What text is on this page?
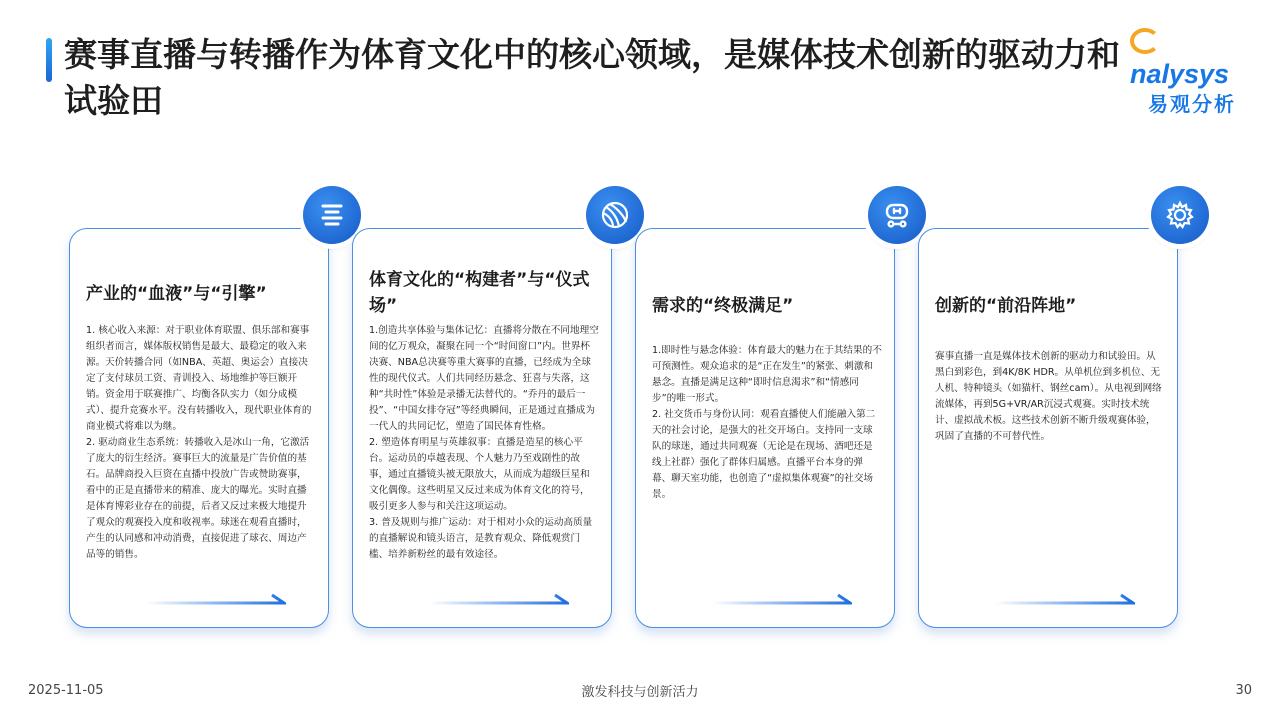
赛事直播与转播作为体育文化中的核心领域，是媒体技术创新的驱动力和试验田
nalysys
易观分析
产业的“血液”与“引擎”

1. 核心收入来源：对于职业体育联盟、俱乐部和赛事组织者而言，媒体版权销售是最大、最稳定的收入来源。天价转播合同（如NBA、英超、奥运会）直接决定了支付球员工资、青训投入、场地维护等巨额开销。资金用于联赛推广、均衡各队实力（如分成模式）、提升竞赛水平。没有转播收入，现代职业体育的商业模式将难以为继。

2. 驱动商业生态系统：转播收入是冰山一角，它激活了庞大的衍生经济。赛事巨大的流量是广告价值的基石。品牌商投入巨资在直播中投放广告或赞助赛事，看中的正是直播带来的精准、庞大的曝光。实时直播是体育博彩业存在的前提，后者又反过来极大地提升了观众的观赛投入度和收视率。球迷在观看直播时，产生的认同感和冲动消费，直接促进了球衣、周边产品等的销售。

体育文化的“构建者”与“仪式场”

1.创造共享体验与集体记忆：直播将分散在不同地理空间的亿万观众，凝聚在同一个“时间窗口”内。世界杯决赛、NBA总决赛等重大赛事的直播，已经成为全球性的现代仪式。人们共同经历悬念、狂喜与失落，这种“共时性”体验是录播无法替代的。“乔丹的最后一投”、“中国女排夺冠”等经典瞬间，正是通过直播成为一代人的共同记忆，塑造了国民体育性格。

2. 塑造体育明星与英雄叙事：直播是造星的核心平台。运动员的卓越表现、个人魅力乃至戏剧性的故事，通过直播镜头被无限放大，从而成为超级巨星和文化偶像。这些明星又反过来成为体育文化的符号，吸引更多人参与和关注这项运动。

3. 普及规则与推广运动：对于相对小众的运动高质量的直播解说和镜头语言，是教育观众、降低观赏门槛、培养新粉丝的最有效途径。

需求的“终极满足”

1.即时性与悬念体验：体育最大的魅力在于其结果的不可预测性。观众追求的是“正在发生”的紧张、刺激和悬念。直播是满足这种“即时信息渴求”和“情感同步”的唯一形式。

2. 社交货币与身份认同：观看直播使人们能融入第二天的社会讨论，是强大的社交开场白。支持同一支球队的球迷，通过共同观赛（无论是在现场、酒吧还是线上社群）强化了群体归属感。直播平台本身的弹幕、聊天室功能，也创造了“虚拟集体观赛”的社交场景。

创新的“前沿阵地”

赛事直播一直是媒体技术创新的驱动力和试验田。从黑白到彩色，到4K/8K HDR。从单机位到多机位、无人机、特种镜头（如猫杆、钢丝cam）。从电视到网络流媒体，再到5G+VR/AR沉浸式观赛。实时技术统计、虚拟战术板。这些技术创新不断升级观赛体验，巩固了直播的不可替代性。

2025-11-05	激发科技与创新活力	30
